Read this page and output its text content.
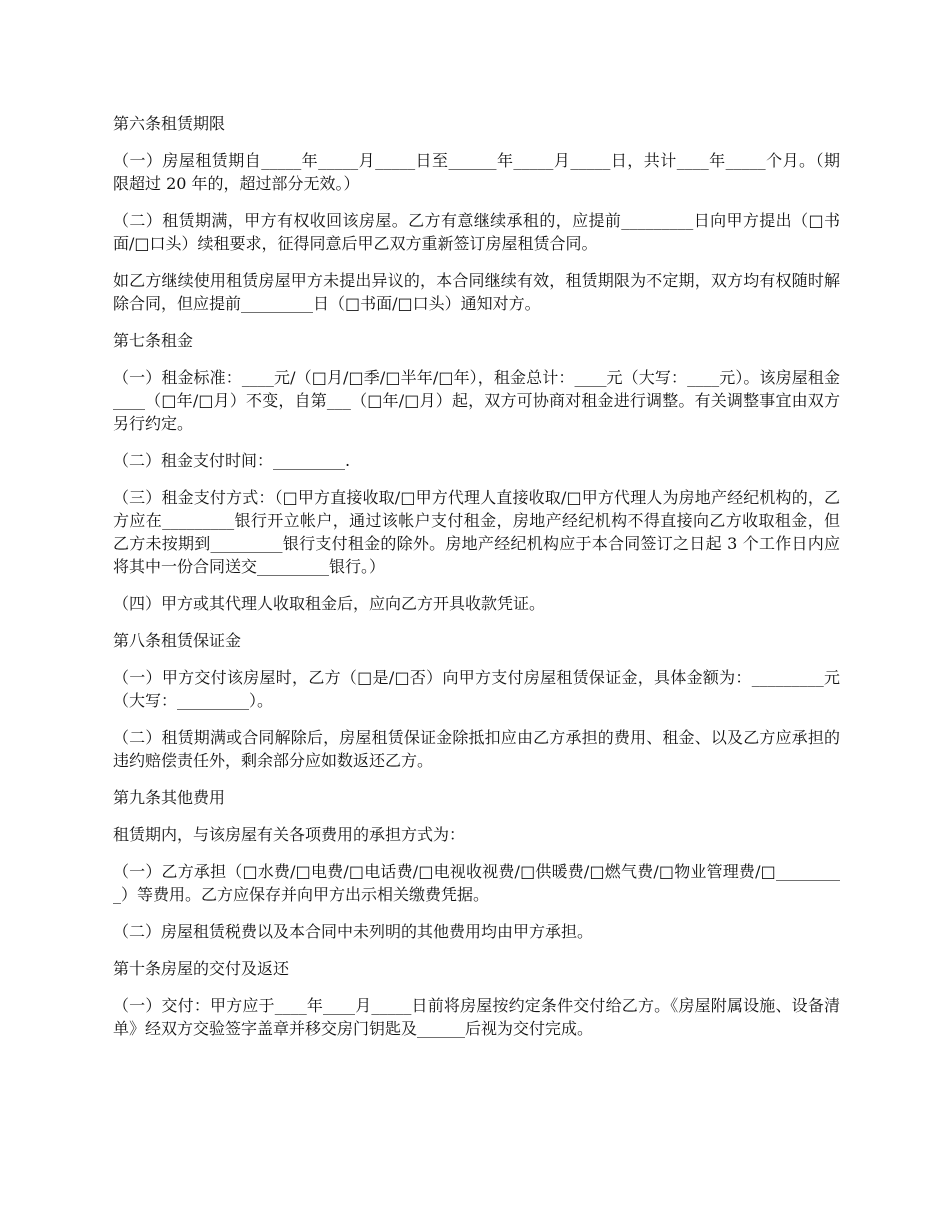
第六条租赁期限

（一）房屋租赁期自_____年_____月_____日至______年_____月_____日，共计____年_____个月。（期限超过 20 年的，超过部分无效。）

（二）租赁期满，甲方有权收回该房屋。乙方有意继续承租的，应提前_________日向甲方提出（□书面/□口头）续租要求，征得同意后甲乙双方重新签订房屋租赁合同。

如乙方继续使用租赁房屋甲方未提出异议的，本合同继续有效，租赁期限为不定期，双方均有权随时解除合同，但应提前_________日（□书面/□口头）通知对方。

第七条租金

（一）租金标准：____元/（□月/□季/□半年/□年），租金总计：____元（大写：____元）。该房屋租金____（□年/□月）不变，自第___（□年/□月）起，双方可协商对租金进行调整。有关调整事宜由双方另行约定。

（二）租金支付时间：_________.

（三）租金支付方式：（□甲方直接收取/□甲方代理人直接收取/□甲方代理人为房地产经纪机构的，乙方应在_________银行开立帐户，通过该帐户支付租金，房地产经纪机构不得直接向乙方收取租金，但乙方未按期到_________银行支付租金的除外。房地产经纪机构应于本合同签订之日起 3 个工作日内应将其中一份合同送交_________银行。）

（四）甲方或其代理人收取租金后，应向乙方开具收款凭证。

第八条租赁保证金

（一）甲方交付该房屋时，乙方（□是/□否）向甲方支付房屋租赁保证金，具体金额为：_________元（大写：_________）。

（二）租赁期满或合同解除后，房屋租赁保证金除抵扣应由乙方承担的费用、租金、以及乙方应承担的违约赔偿责任外，剩余部分应如数返还乙方。

第九条其他费用

租赁期内，与该房屋有关各项费用的承担方式为：

（一）乙方承担（□水费/□电费/□电话费/□电视收视费/□供暖费/□燃气费/□物业管理费/□_________）等费用。乙方应保存并向甲方出示相关缴费凭据。

（二）房屋租赁税费以及本合同中未列明的其他费用均由甲方承担。

第十条房屋的交付及返还

（一）交付：甲方应于____年____月_____日前将房屋按约定条件交付给乙方。《房屋附属设施、设备清单》经双方交验签字盖章并移交房门钥匙及______后视为交付完成。
